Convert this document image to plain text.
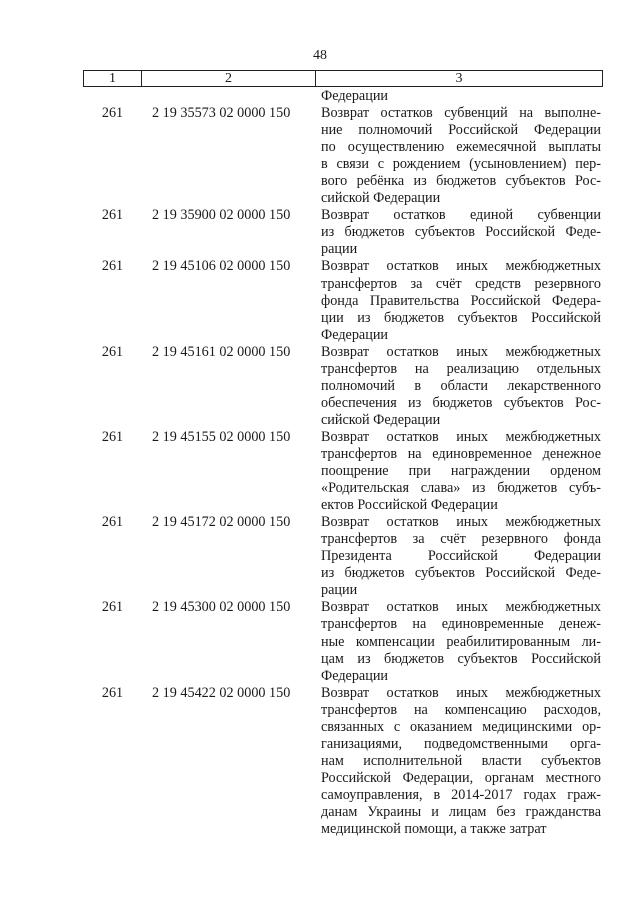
48
1	2	3
Федерации
261	2 19 35573 02 0000 150	Возврат остатков субвенций на выполне-
ние полномочий Российской Федерации
по осуществлению ежемесячной выплаты
в связи с рождением (усыновлением) пер-
вого ребёнка из бюджетов субъектов Рос-
сийской Федерации
261	2 19 35900 02 0000 150	Возврат остатков единой субвенции
из бюджетов субъектов Российской Феде-
рации
261	2 19 45106 02 0000 150	Возврат остатков иных межбюджетных
трансфертов за счёт средств резервного
фонда Правительства Российской Федера-
ции из бюджетов субъектов Российской
Федерации
261	2 19 45161 02 0000 150	Возврат остатков иных межбюджетных
трансфертов на реализацию отдельных
полномочий в области лекарственного
обеспечения из бюджетов субъектов Рос-
сийской Федерации
261	2 19 45155 02 0000 150	Возврат остатков иных межбюджетных
трансфертов на единовременное денежное
поощрение при награждении орденом
«Родительская слава» из бюджетов субъ-
ектов Российской Федерации
261	2 19 45172 02 0000 150	Возврат остатков иных межбюджетных
трансфертов за счёт резервного фонда
Президента Российской Федерации
из бюджетов субъектов Российской Феде-
рации
261	2 19 45300 02 0000 150	Возврат остатков иных межбюджетных
трансфертов на единовременные денеж-
ные компенсации реабилитированным ли-
цам из бюджетов субъектов Российской
Федерации
261	2 19 45422 02 0000 150	Возврат остатков иных межбюджетных
трансфертов на компенсацию расходов,
связанных с оказанием медицинскими ор-
ганизациями, подведомственными орга-
нам исполнительной власти субъектов
Российской Федерации, органам местного
самоуправления, в 2014-2017 годах граж-
данам Украины и лицам без гражданства
медицинской помощи, а также затрат
